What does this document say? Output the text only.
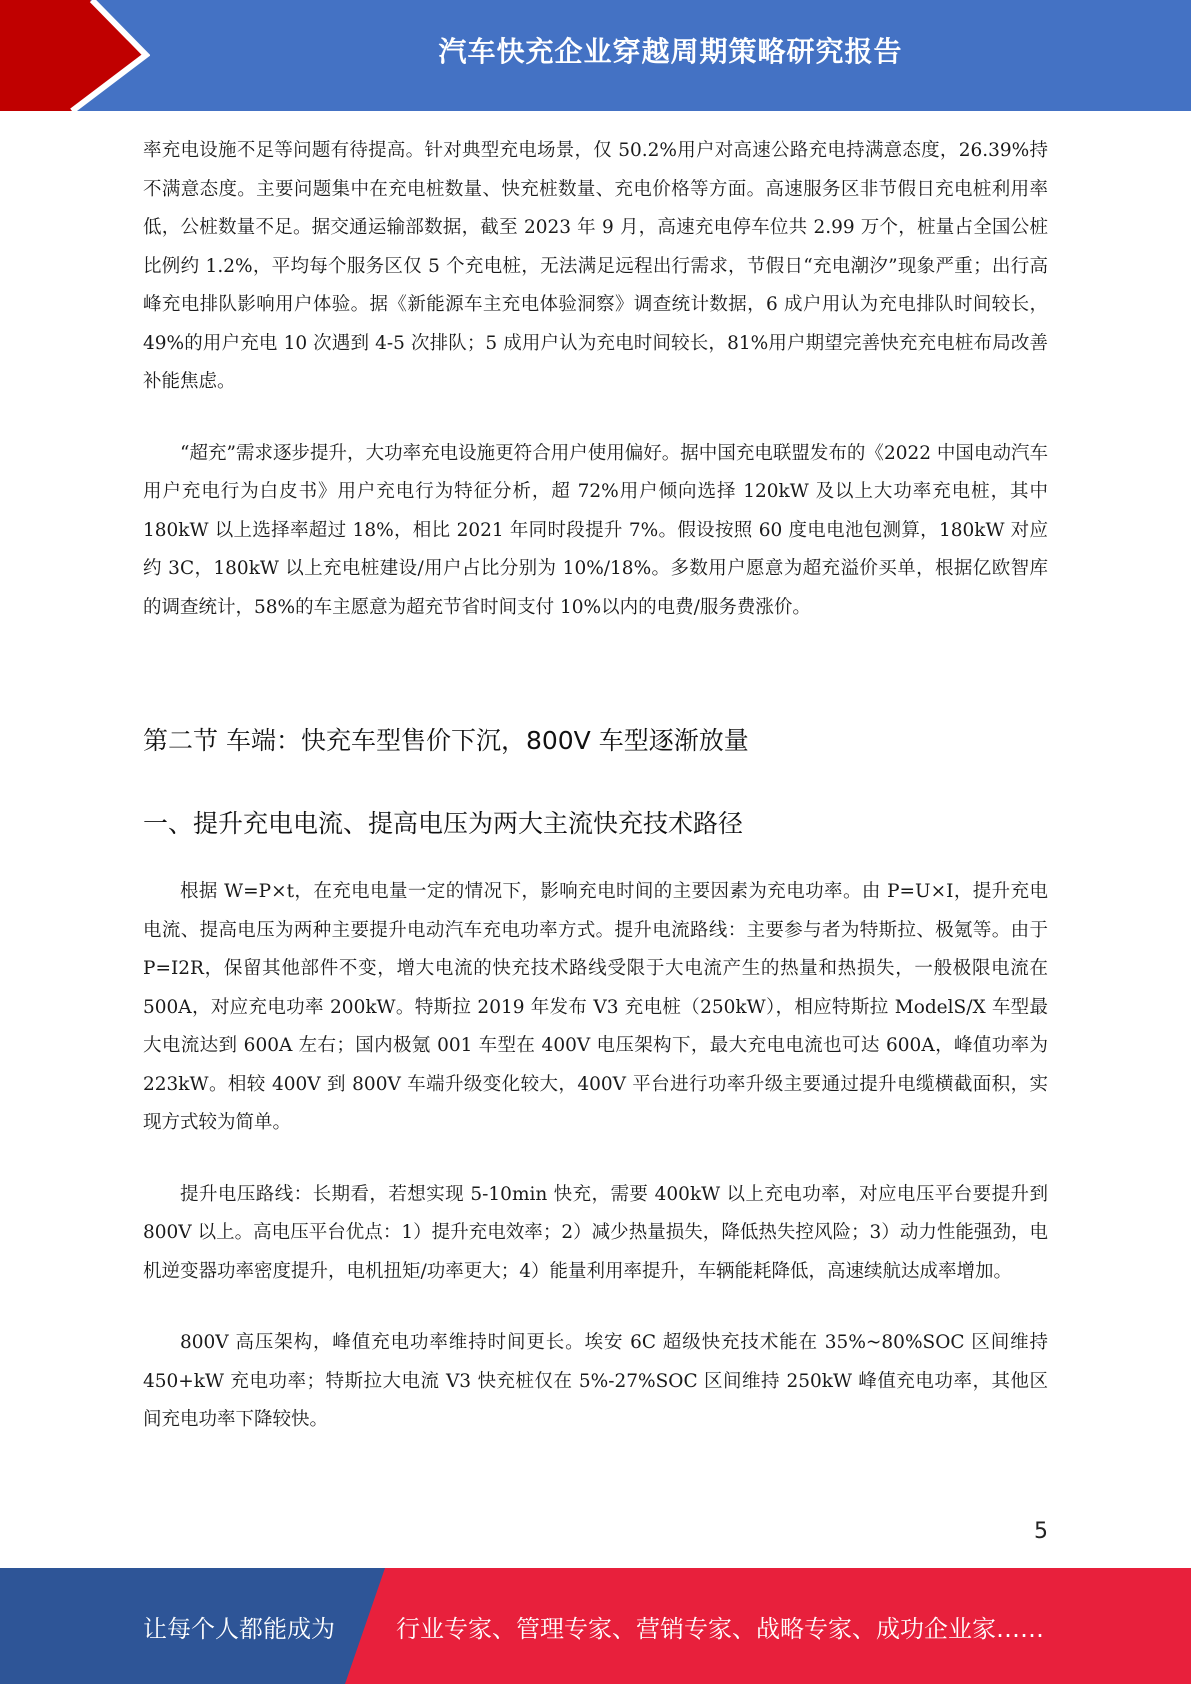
汽车快充企业穿越周期策略研究报告

率充电设施不足等问题有待提高。针对典型充电场景，仅 50.2%用户对高速公路充电持满意态度，26.39%持不满意态度。主要问题集中在充电桩数量、快充桩数量、充电价格等方面。高速服务区非节假日充电桩利用率低，公桩数量不足。据交通运输部数据，截至 2023 年 9 月，高速充电停车位共 2.99 万个，桩量占全国公桩比例约 1.2%，平均每个服务区仅 5 个充电桩，无法满足远程出行需求，节假日“充电潮汐”现象严重；出行高峰充电排队影响用户体验。据《新能源车主充电体验洞察》调查统计数据，6 成户用认为充电排队时间较长，49%的用户充电 10 次遇到 4-5 次排队；5 成用户认为充电时间较长，81%用户期望完善快充充电桩布局改善补能焦虑。

“超充”需求逐步提升，大功率充电设施更符合用户使用偏好。据中国充电联盟发布的《2022 中国电动汽车用户充电行为白皮书》用户充电行为特征分析，超 72%用户倾向选择 120kW 及以上大功率充电桩，其中 180kW 以上选择率超过 18%，相比 2021 年同时段提升 7%。假设按照 60 度电电池包测算，180kW 对应约 3C，180kW 以上充电桩建设/用户占比分别为 10%/18%。多数用户愿意为超充溢价买单，根据亿欧智库的调查统计，58%的车主愿意为超充节省时间支付 10%以内的电费/服务费涨价。

第二节 车端：快充车型售价下沉，800V 车型逐渐放量
一、提升充电电流、提高电压为两大主流快充技术路径

根据 W=P×t，在充电电量一定的情况下，影响充电时间的主要因素为充电功率。由 P=U×I，提升充电电流、提高电压为两种主要提升电动汽车充电功率方式。提升电流路线：主要参与者为特斯拉、极氪等。由于 P=I2R，保留其他部件不变，增大电流的快充技术路线受限于大电流产生的热量和热损失，一般极限电流在 500A，对应充电功率 200kW。特斯拉 2019 年发布 V3 充电桩（250kW），相应特斯拉 ModelS/X 车型最大电流达到 600A 左右；国内极氪 001 车型在 400V 电压架构下，最大充电电流也可达 600A，峰值功率为 223kW。相较 400V 到 800V 车端升级变化较大，400V 平台进行功率升级主要通过提升电缆横截面积，实现方式较为简单。

提升电压路线：长期看，若想实现 5-10min 快充，需要 400kW 以上充电功率，对应电压平台要提升到 800V 以上。高电压平台优点：1）提升充电效率；2）减少热量损失，降低热失控风险；3）动力性能强劲，电机逆变器功率密度提升，电机扭矩/功率更大；4）能量利用率提升，车辆能耗降低，高速续航达成率增加。

800V 高压架构，峰值充电功率维持时间更长。埃安 6C 超级快充技术能在 35%~80%SOC 区间维持 450+kW 充电功率；特斯拉大电流 V3 快充桩仅在 5%-27%SOC 区间维持 250kW 峰值充电功率，其他区间充电功率下降较快。

5
让每个人都能成为	行业专家、管理专家、营销专家、战略专家、成功企业家……
